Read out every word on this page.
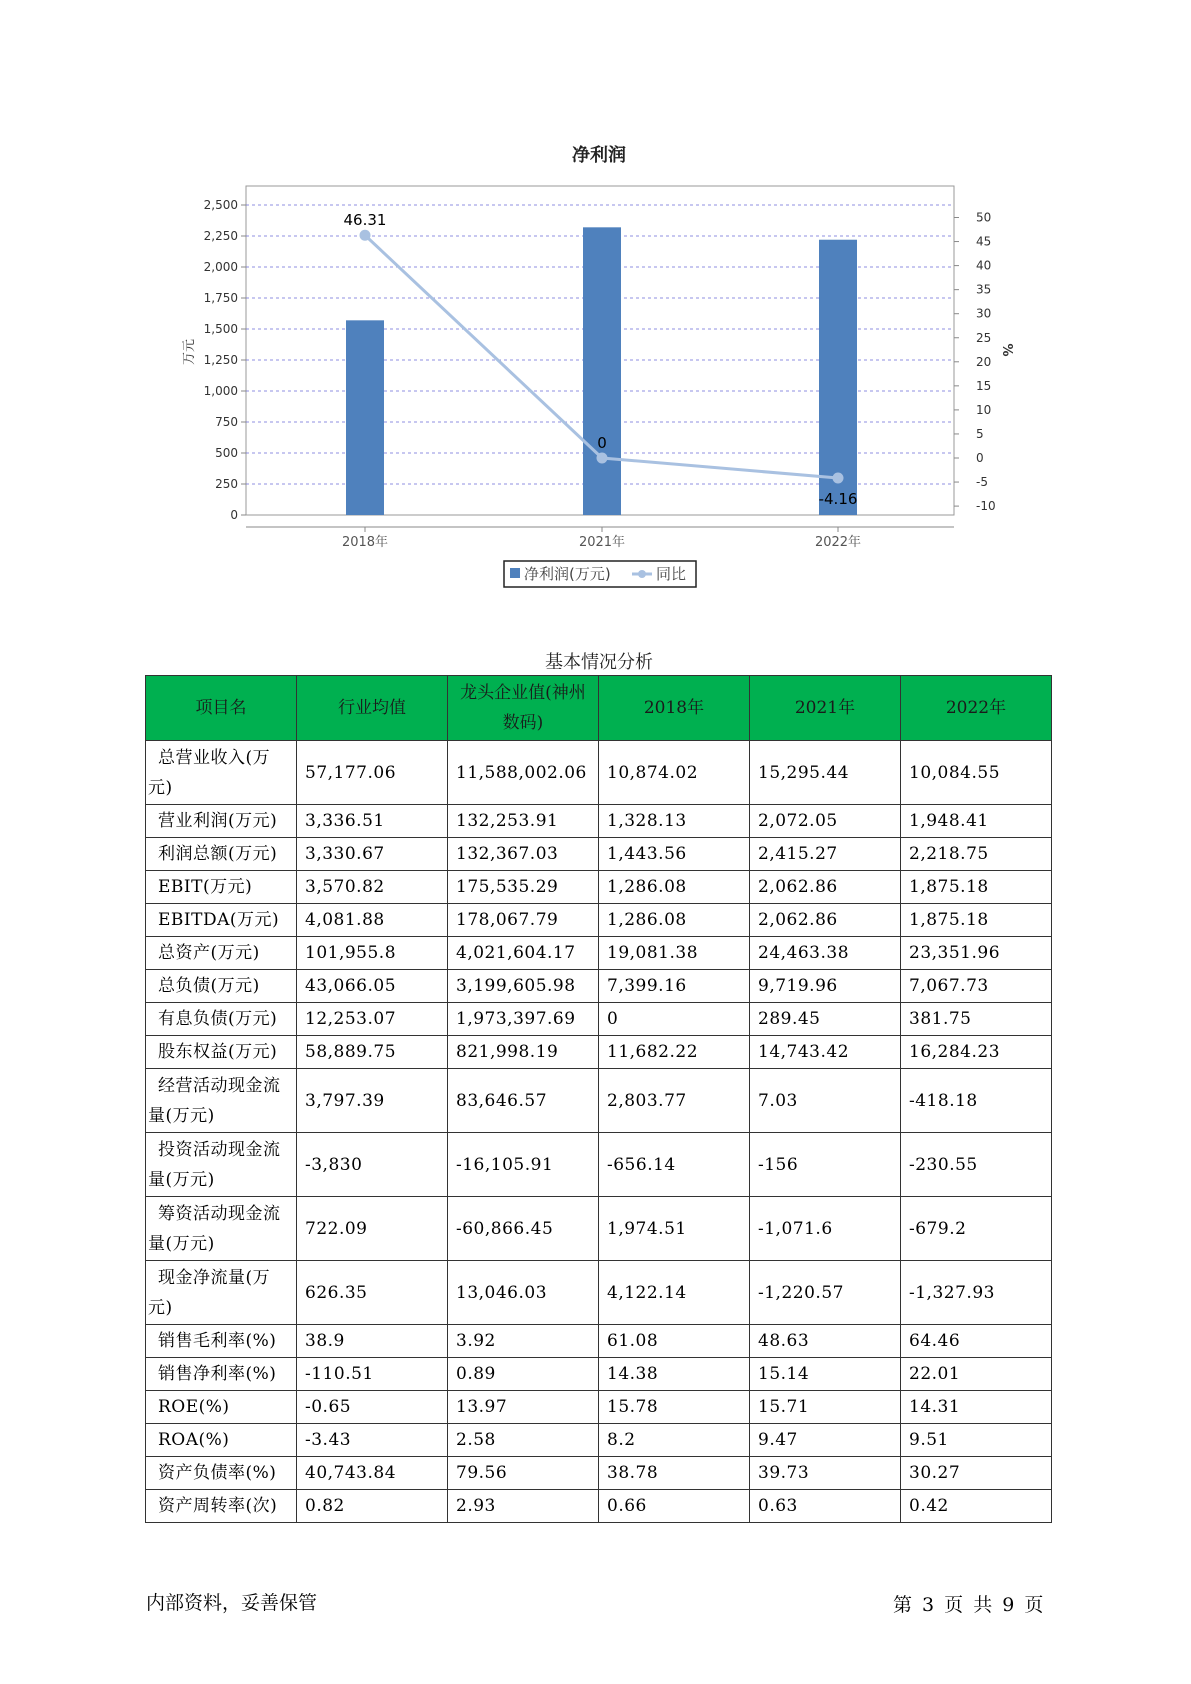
净利润
0
250
500
750
1,000
1,250
1,500
1,750
2,000
2,250
2,500
-10
-5
0
5
10
15
20
25
30
35
40
45
50
46.31
0
-4.16
2018年	2021年	2022年
万元	%
净利润(万元)	同比
基本情况分析
项目名	行业均值	龙头企业值(神州数码)	2018年	2021年	2022年
总营业收入(万元)	57,177.06	11,588,002.06	10,874.02	15,295.44	10,084.55
营业利润(万元)	3,336.51	132,253.91	1,328.13	2,072.05	1,948.41
利润总额(万元)	3,330.67	132,367.03	1,443.56	2,415.27	2,218.75
EBIT(万元)	3,570.82	175,535.29	1,286.08	2,062.86	1,875.18
EBITDA(万元)	4,081.88	178,067.79	1,286.08	2,062.86	1,875.18
总资产(万元)	101,955.8	4,021,604.17	19,081.38	24,463.38	23,351.96
总负债(万元)	43,066.05	3,199,605.98	7,399.16	9,719.96	7,067.73
有息负债(万元)	12,253.07	1,973,397.69	0	289.45	381.75
股东权益(万元)	58,889.75	821,998.19	11,682.22	14,743.42	16,284.23
经营活动现金流量(万元)	3,797.39	83,646.57	2,803.77	7.03	-418.18
投资活动现金流量(万元)	-3,830	-16,105.91	-656.14	-156	-230.55
筹资活动现金流量(万元)	722.09	-60,866.45	1,974.51	-1,071.6	-679.2
现金净流量(万元)	626.35	13,046.03	4,122.14	-1,220.57	-1,327.93
销售毛利率(%)	38.9	3.92	61.08	48.63	64.46
销售净利率(%)	-110.51	0.89	14.38	15.14	22.01
ROE(%)	-0.65	13.97	15.78	15.71	14.31
ROA(%)	-3.43	2.58	8.2	9.47	9.51
资产负债率(%)	40,743.84	79.56	38.78	39.73	30.27
资产周转率(次)	0.82	2.93	0.66	0.63	0.42
内部资料，妥善保管	第 3 页 共 9 页
